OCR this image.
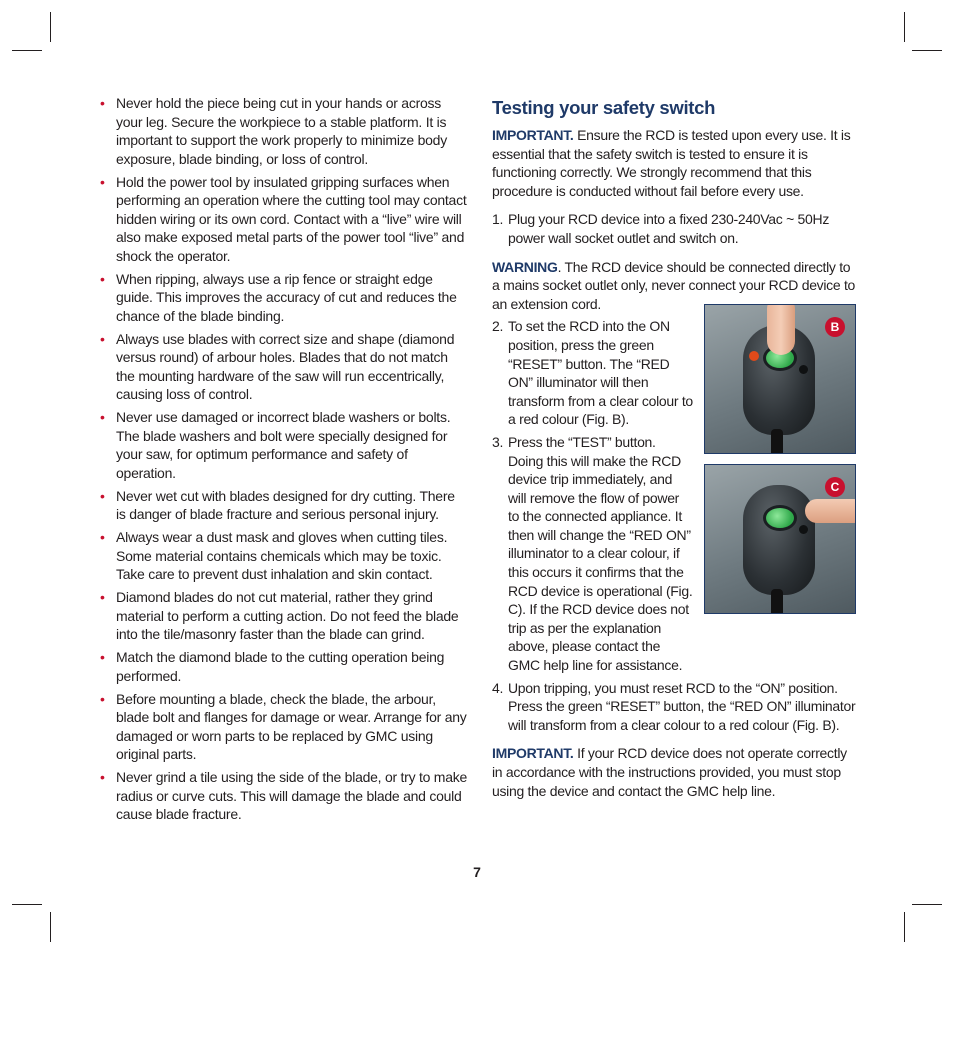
• Never hold the piece being cut in your hands or across your leg. Secure the workpiece to a stable platform. It is important to support the work properly to minimize body exposure, blade binding, or loss of control.
• Hold the power tool by insulated gripping surfaces when performing an operation where the cutting tool may contact hidden wiring or its own cord. Contact with a “live” wire will also make exposed metal parts of the power tool “live” and shock the operator.
• When ripping, always use a rip fence or straight edge guide. This improves the accuracy of cut and reduces the chance of the blade binding.
• Always use blades with correct size and shape (diamond versus round) of arbour holes. Blades that do not match the mounting hardware of the saw will run eccentrically, causing loss of control.
• Never use damaged or incorrect blade washers or bolts. The blade washers and bolt were specially designed for your saw, for optimum performance and safety of operation.
• Never wet cut with blades designed for dry cutting. There is danger of blade fracture and serious personal injury.
• Always wear a dust mask and gloves when cutting tiles. Some material contains chemicals which may be toxic. Take care to prevent dust inhalation and skin contact.
• Diamond blades do not cut material, rather they grind material to perform a cutting action. Do not feed the blade into the tile/masonry faster than the blade can grind.
• Match the diamond blade to the cutting operation being performed.
• Before mounting a blade, check the blade, the arbour, blade bolt and flanges for damage or wear. Arrange for any damaged or worn parts to be replaced by GMC using original parts.
• Never grind a tile using the side of the blade, or try to make radius or curve cuts. This will damage the blade and could cause blade fracture.
Testing your safety switch

IMPORTANT. Ensure the RCD is tested upon every use. It is essential that the safety switch is tested to ensure it is functioning correctly. We strongly recommend that this procedure is conducted without fail before every use.

1. Plug your RCD device into a fixed 230-240Vac ~ 50Hz power wall socket outlet and switch on.

WARNING. The RCD device should be connected directly to a mains socket outlet only, never connect your RCD device to an extension cord.

2. To set the RCD into the ON position, press the green “RESET” button. The “RED ON” illuminator will then transform from a clear colour to a red colour (Fig. B).
3. Press the “TEST” button. Doing this will make the RCD device trip immediately, and will remove the flow of power to the connected appliance. It then will change the “RED ON” illuminator to a clear colour, if this occurs it confirms that the RCD device is operational (Fig. C). If the RCD device does not trip as per the explanation above, please contact the GMC help line for assistance.
4. Upon tripping, you must reset RCD to the “ON” position. Press the green “RESET” button, the “RED ON” illuminator will transform from a clear colour to a red colour (Fig. B).

IMPORTANT. If your RCD device does not operate correctly in accordance with the instructions provided, you must stop using the device and contact the GMC help line.

B
C
7
